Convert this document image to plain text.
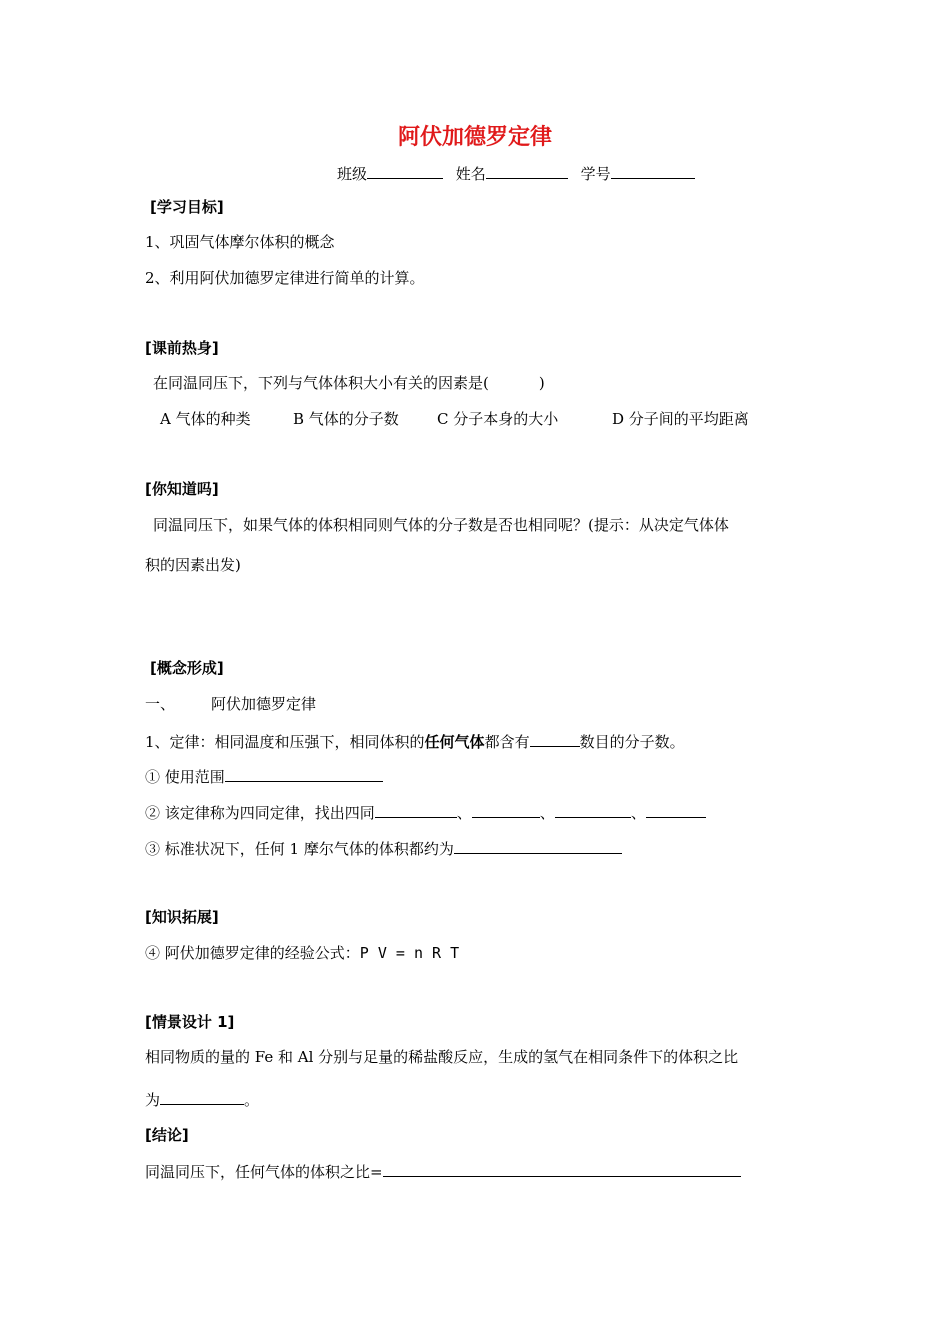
阿伏加德罗定律
班级	姓名	学号
[学习目标]
1、巩固气体摩尔体积的概念
2、利用阿伏加德罗定律进行简单的计算。
[课前热身]
在同温同压下，下列与气体体积大小有关的因素是(	)
A 气体的种类	B 气体的分子数	C 分子本身的大小	D 分子间的平均距离
[你知道吗]
同温同压下，如果气体的体积相同则气体的分子数是否也相同呢？(提示：从决定气体体
积的因素出发)
[概念形成]
一、 阿伏加德罗定律
1、定律：相同温度和压强下，相同体积的任何气体都含有	数目的分子数。
① 使用范围
② 该定律称为四同定律，找出四同	、	、	、
③ 标准状况下，任何 1 摩尔气体的体积都约为
[知识拓展]
④ 阿伏加德罗定律的经验公式：P V = n R T
[情景设计 1]
相同物质的量的 Fe 和 Al 分别与足量的稀盐酸反应，生成的氢气在相同条件下的体积之比
为	。
[结论]
同温同压下，任何气体的体积之比=
